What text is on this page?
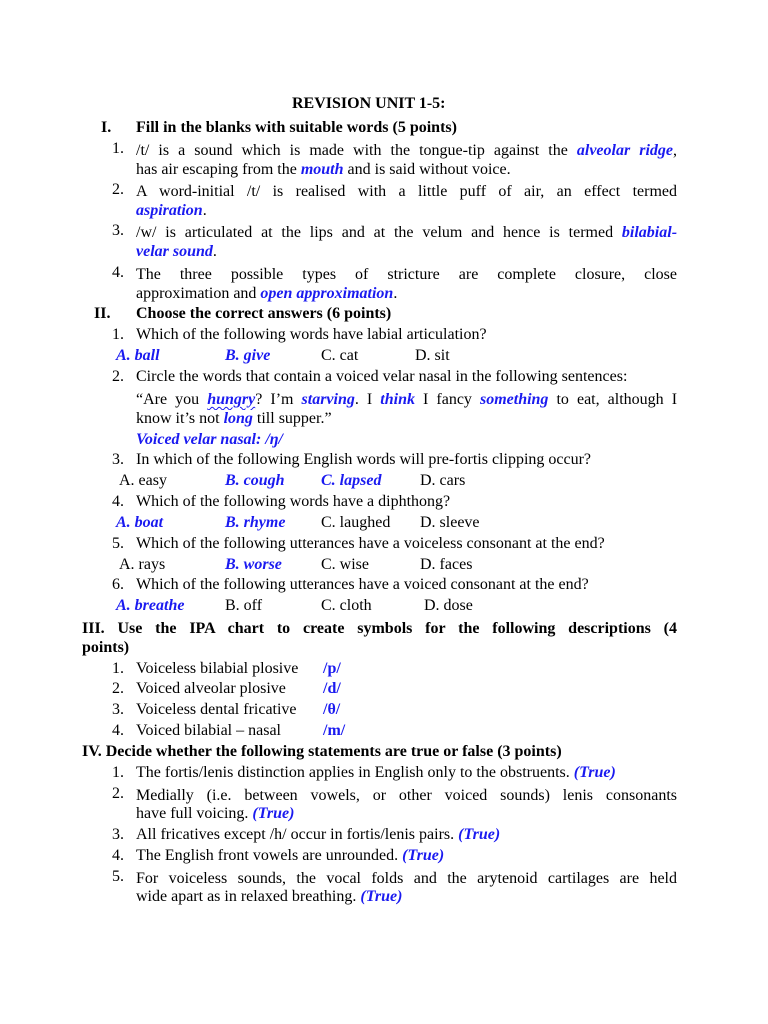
REVISION UNIT 1-5:
I. Fill in the blanks with suitable words (5 points)
1. /t/ is a sound which is made with the tongue-tip against the alveolar ridge,
has air escaping from the mouth and is said without voice.
2. A word-initial /t/ is realised with a little puff of air, an effect termed
aspiration.
3. /w/ is articulated at the lips and at the velum and hence is termed bilabial-
velar sound.
4. The three possible types of stricture are complete closure, close
approximation and open approximation.
II. Choose the correct answers (6 points)
1. Which of the following words have labial articulation?
A. ball	B. give	C. cat	D. sit
2. Circle the words that contain a voiced velar nasal in the following sentences:
“Are you hungry? I’m starving. I think I fancy something to eat, although I
know it’s not long till supper.”
Voiced velar nasal: /ŋ/
3. In which of the following English words will pre-fortis clipping occur?
A. easy	B. cough C. lapsed D. cars
4. Which of the following words have a diphthong?
A. boat	B. rhyme C. laughed D. sleeve
5. Which of the following utterances have a voiceless consonant at the end?
A. rays	B. worse C. wise	D. faces
6. Which of the following utterances have a voiced consonant at the end?
A. breathe	B. off	C. cloth	D. dose
III. Use the IPA chart to create symbols for the following descriptions (4
points)
1. Voiceless bilabial plosive /p/
2. Voiced alveolar plosive /d/
3. Voiceless dental fricative /θ/
4. Voiced bilabial – nasal	/m/
IV. Decide whether the following statements are true or false (3 points)
1. The fortis/lenis distinction applies in English only to the obstruents. (True)
2. Medially (i.e. between vowels, or other voiced sounds) lenis consonants
have full voicing. (True)
3. All fricatives except /h/ occur in fortis/lenis pairs. (True)
4. The English front vowels are unrounded. (True)
5. For voiceless sounds, the vocal folds and the arytenoid cartilages are held
wide apart as in relaxed breathing. (True)
